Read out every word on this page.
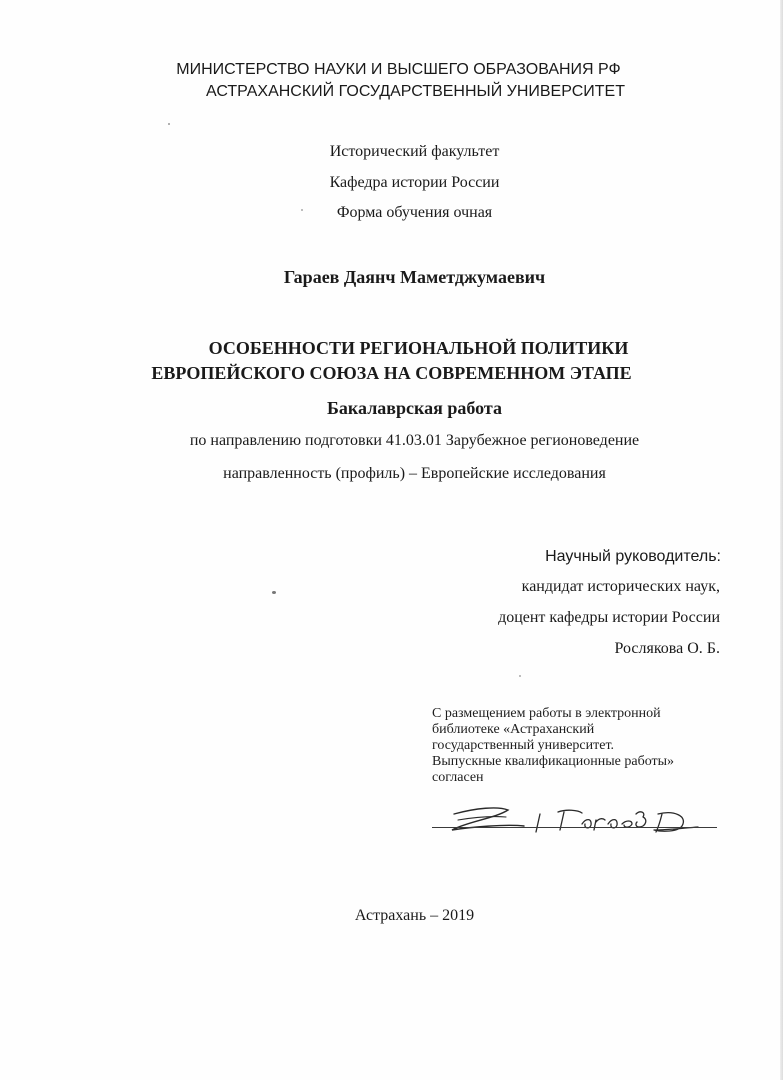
МИНИСТЕРСТВО НАУКИ И ВЫСШЕГО ОБРАЗОВАНИЯ РФ
АСТРАХАНСКИЙ ГОСУДАРСТВЕННЫЙ УНИВЕРСИТЕТ
Исторический факультет
Кафедра истории России
Форма обучения очная
Гараев Даянч Маметджумаевич
ОСОБЕННОСТИ РЕГИОНАЛЬНОЙ ПОЛИТИКИ
ЕВРОПЕЙСКОГО СОЮЗА НА СОВРЕМЕННОМ ЭТАПЕ
Бакалаврская работа
по направлению подготовки 41.03.01 Зарубежное регионоведение
направленность (профиль) – Европейские исследования
Научный руководитель:
кандидат исторических наук,
доцент кафедры истории России
Рослякова О. Б.
С размещением работы в электронной
библиотеке «Астраханский
государственный университет.
Выпускные квалификационные работы»
согласен
Гараев Д
Астрахань – 2019
